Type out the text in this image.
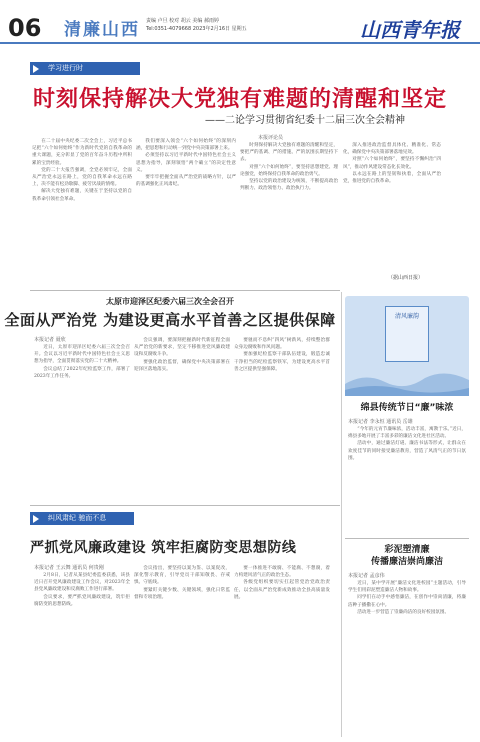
06 清廉山西 责编 卢旦 校对 胡云 美编 郝雨婷
Tel:0351-4079668 2023年2月16日 星期五	山西青年报
学习进行时
时刻保持解决大党独有难题的清醒和坚定
——二论学习贯彻省纪委十二届三次全会精神
本报评论员

在二十届中央纪委二次全会上，习近平总书记把“六个如何始终”作为新时代党的自我革命的重大课题，充分彰显了党的百年奋斗历程中所积累的宝贵经验。

党的二十大报告强调，全党必须牢记，全面从严治党永远在路上，党的自我革命永远在路上，决不能有松劲歇脚、疲劳厌战的情绪。

解决大党独有难题，关键在于坚持以党的自我革命引领社会革命。

我们要深入领会“六个如何始终”的深刻内涵，把思想和行动统一到党中央决策部署上来。

必须坚持以习近平新时代中国特色社会主义思想为指导，深刻领悟“两个确立”的决定性意义。

要牢牢把握全面从严治党的战略方针，以严的基调强化正风肃纪。

时刻保持解决大党独有难题的清醒和坚定，要把严的基调、严的措施、严的氛围长期坚持下去。

对照“六个如何始终”，要坚持思想建党、理论强党，始终保持自我革命的政治勇气。

坚持以党的政治建设为统领，不断提高政治判断力、政治领悟力、政治执行力。

深入推进政治监督具体化、精准化、常态化，确保党中央决策部署落地见效。

对照“六个如何始终”，要坚持不懈纠治“四风”，推动作风建设常态化长效化。

以永远在路上的坚韧和执着，全面从严治党，推进党的自我革命。

（据山西日报）
太原市迎泽区纪委六届三次全会召开
全面从严治党 为建设更高水平首善之区提供保障
本报记者 聂欣

近日，太原市迎泽区纪委六届三次全会召开。会议以习近平新时代中国特色社会主义思想为指导，全面贯彻落实党的二十大精神。

会议总结了2022年纪检监察工作，部署了2023年工作任务。

会议强调，要深刻把握新时代新征程全面从严治党的新要求，坚定不移推进党风廉政建设和反腐败斗争。

要强化政治监督，确保党中央决策部署在迎泽区落地落实。

要驰而不息纠“四风”树新风，持续整治群众身边腐败和作风问题。

要加强纪检监察干部队伍建设，锻造忠诚干净担当的纪检监察铁军，为建设更高水平首善之区提供坚强保障。

清风廉韵
绵县传统节日“廉”味浓
本报记者 李永恒 通讯员 岳雄

“今年的元宵节廉味浓，活动丰富，寓教于乐。”近日，绵县多地开展了丰富多彩的廉洁文化进社区活动。

活动中，通过廉洁灯谜、廉洁书法等形式，让群众在欢度佳节的同时接受廉洁教育，营造了风清气正的节日氛围。

彩泥塑清廉
传播廉洁崇尚廉洁
本报记者 孟彦伟

近日，某中学开展“廉洁文化进校园”主题活动，引导学生们用彩泥塑造廉洁人物和故事。

同学们在动手中感悟廉洁，在创作中崇尚清廉，将廉洁种子播撒在心中。

活动进一步营造了崇廉尚洁的良好校园氛围。

纠风肃纪 驰而不息
严抓党风廉政建设 筑牢拒腐防变思想防线
本报记者 王云舞 通讯员 何贵刚

2月8日，记者从某县纪委监委获悉，该县近日召开党风廉政建设工作会议，对2023年全县党风廉政建设和反腐败工作进行部署。

会议要求，要严抓党风廉政建设，筑牢拒腐防变的思想防线。

会议指出，要坚持以案为鉴、以案促改，深化警示教育，引导党员干部知敬畏、存戒惧、守底线。

要紧盯关键少数、关键领域，强化日常监督和专项治理。

要一体推进不敢腐、不能腐、不想腐，着力构建风清气正的政治生态。

各级党组织要切实扛起管党治党政治责任，以全面从严治党新成效推动全县高质量发展。
